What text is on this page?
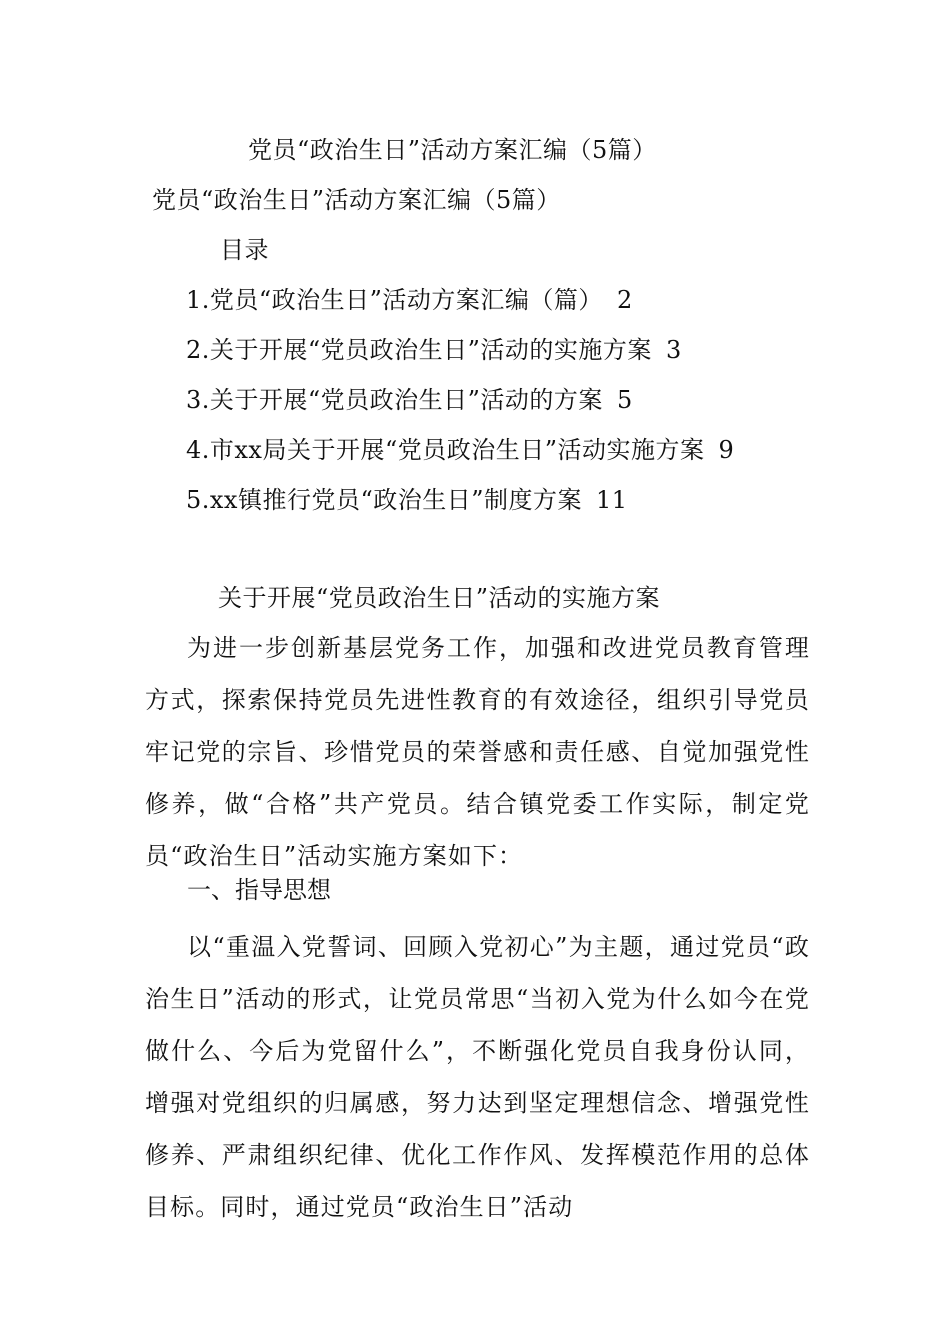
党员“政治生日”活动方案汇编（5篇）
党员“政治生日”活动方案汇编（5篇）
目录
1.党员“政治生日”活动方案汇编（篇） 2
2.关于开展“党员政治生日”活动的实施方案 3
3.关于开展“党员政治生日”活动的方案 5
4.市xx局关于开展“党员政治生日”活动实施方案 9
5.xx镇推行党员“政治生日”制度方案 11
关于开展“党员政治生日”活动的实施方案

为进一步创新基层党务工作，加强和改进党员教育管理方式，探索保持党员先进性教育的有效途径，组织引导党员牢记党的宗旨、珍惜党员的荣誉感和责任感、自觉加强党性修养，做“合格”共产党员。结合镇党委工作实际，制定党员“政治生日”活动实施方案如下：

一、指导思想

以“重温入党誓词、回顾入党初心”为主题，通过党员“政治生日”活动的形式，让党员常思“当初入党为什么如今在党做什么、今后为党留什么”，不断强化党员自我身份认同，增强对党组织的归属感，努力达到坚定理想信念、增强党性修养、严肃组织纪律、优化工作作风、发挥模范作用的总体目标。同时，通过党员“政治生日”活动
